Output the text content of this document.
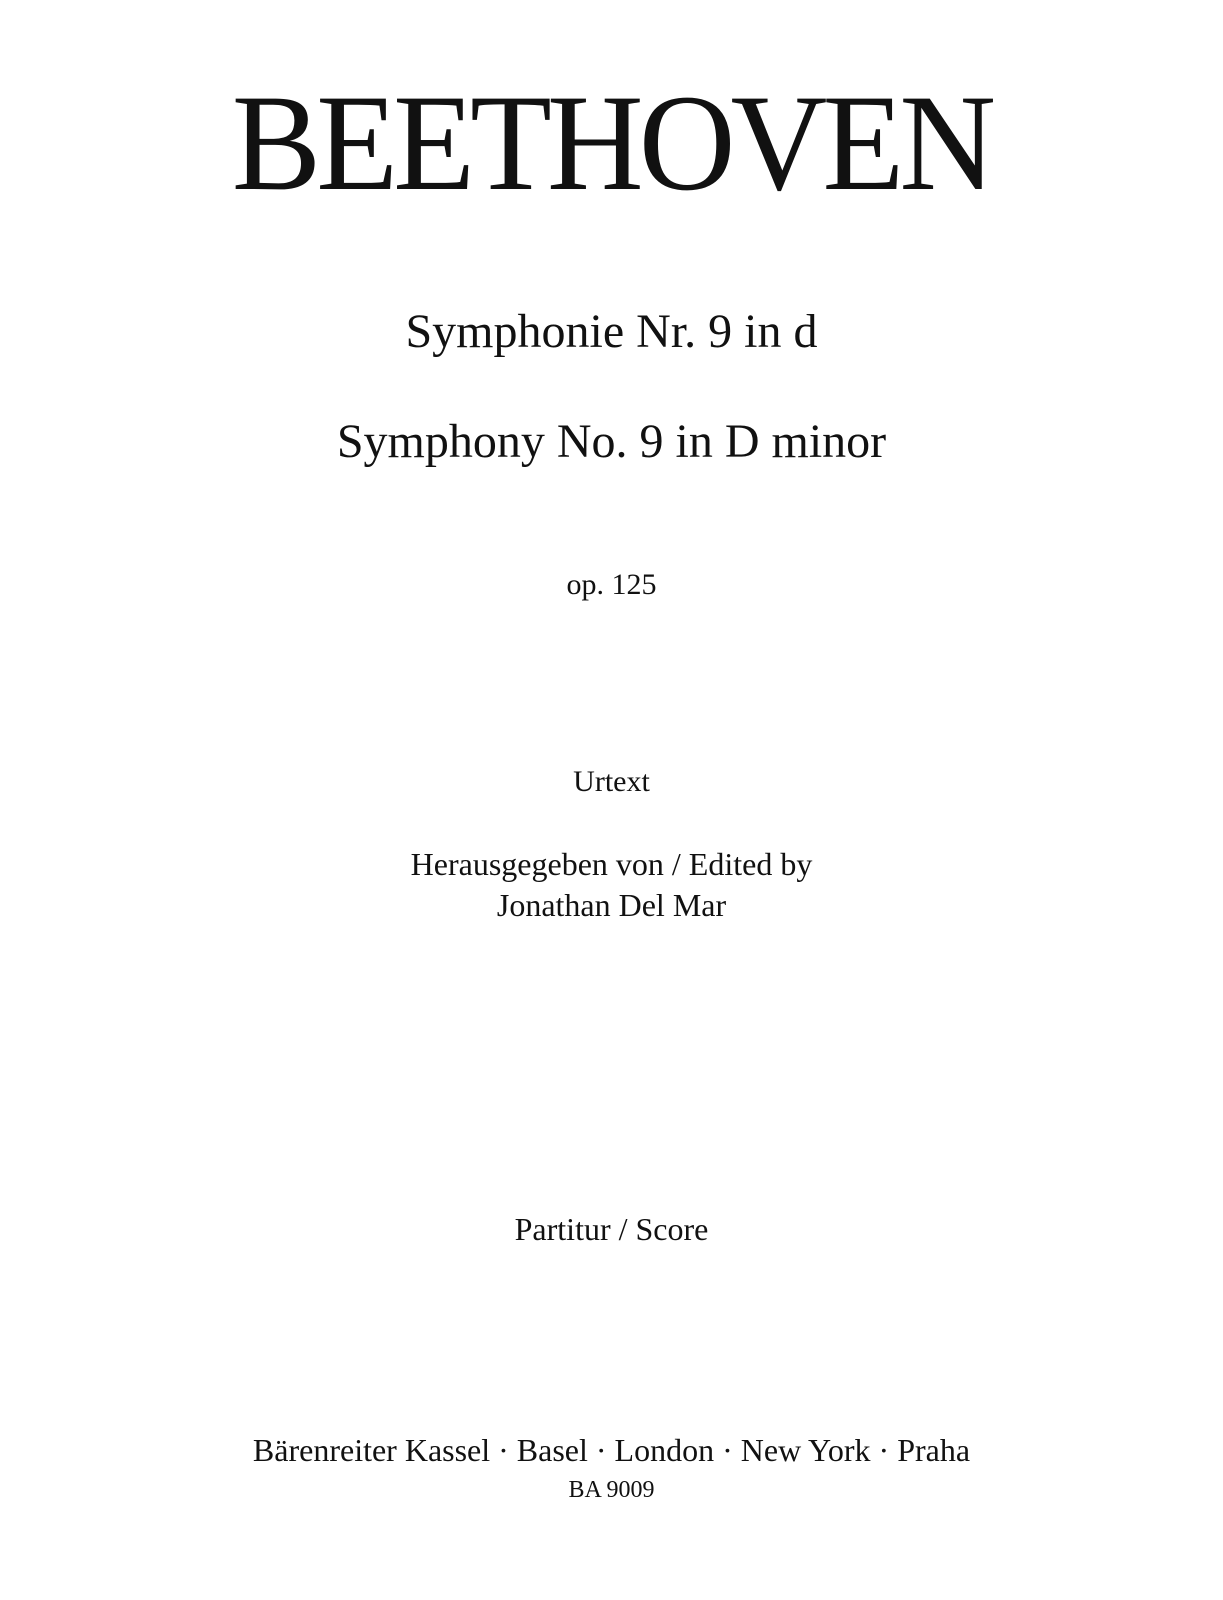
BEETHOVEN
Symphonie Nr. 9 in d
Symphony No. 9 in D minor
op. 125
Urtext
Herausgegeben von / Edited by
Jonathan Del Mar
Partitur / Score
Bärenreiter Kassel · Basel · London · New York · Praha
BA 9009
